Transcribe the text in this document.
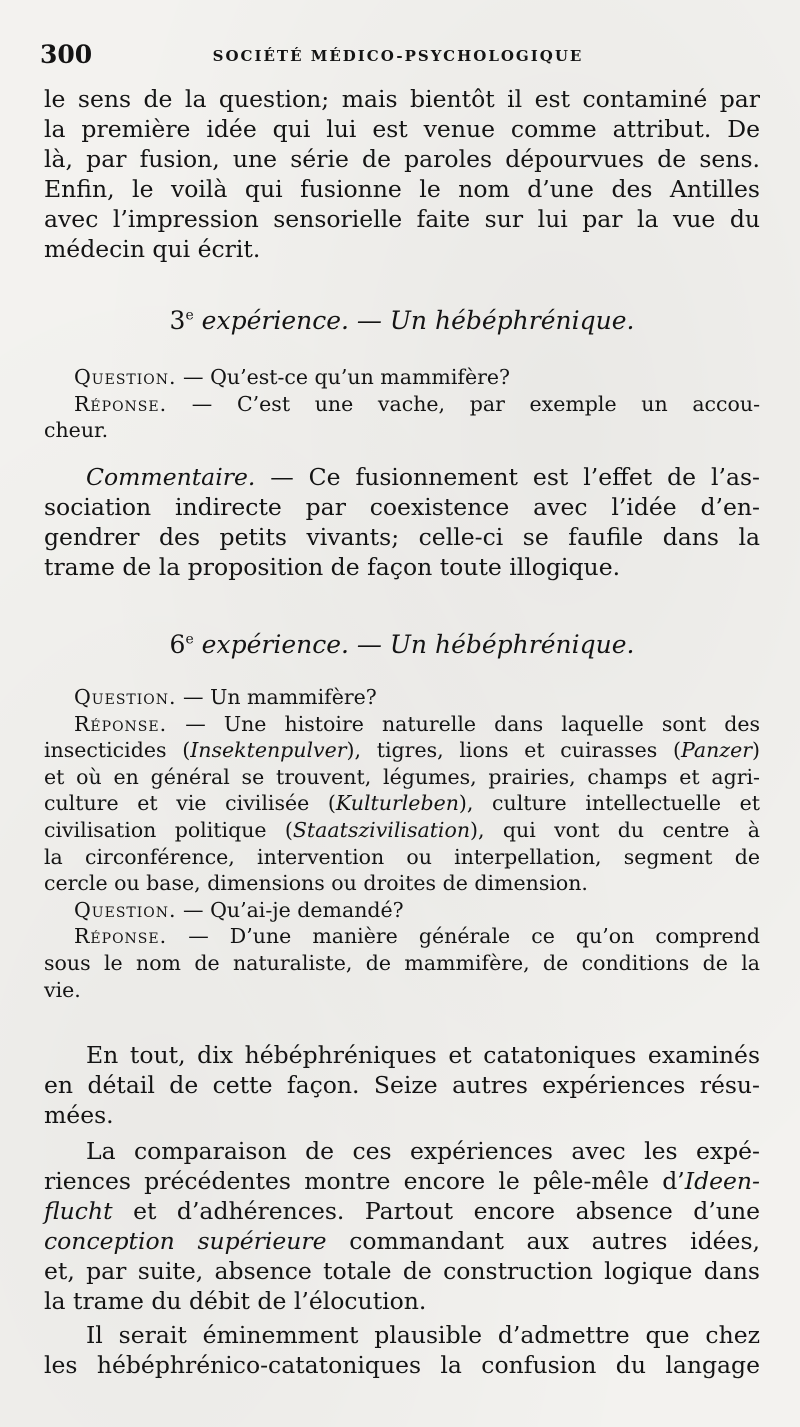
300	SOCIÉTÉ MÉDICO-PSYCHOLOGIQUE
le sens de la question; mais bientôt il est contaminé par
la première idée qui lui est venue comme attribut. De
là, par fusion, une série de paroles dépourvues de sens.
Enfin, le voilà qui fusionne le nom d’une des Antilles
avec l’impression sensorielle faite sur lui par la vue du
médecin qui écrit.
3e expérience. — Un hébéphrénique.
Question. — Qu’est-ce qu’un mammifère?
Réponse. — C’est une vache, par exemple un accou-
cheur.
Commentaire. — Ce fusionnement est l’effet de l’as-
sociation indirecte par coexistence avec l’idée d’en-
gendrer des petits vivants; celle-ci se faufile dans la
trame de la proposition de façon toute illogique.
6e expérience. — Un hébéphrénique.
Question. — Un mammifère?
Réponse. — Une histoire naturelle dans laquelle sont des
insecticides (Insektenpulver), tigres, lions et cuirasses (Panzer)
et où en général se trouvent, légumes, prairies, champs et agri-
culture et vie civilisée (Kulturleben), culture intellectuelle et
civilisation politique (Staatszivilisation), qui vont du centre à
la circonférence, intervention ou interpellation, segment de
cercle ou base, dimensions ou droites de dimension.
Question. — Qu’ai-je demandé?
Réponse. — D’une manière générale ce qu’on comprend
sous le nom de naturaliste, de mammifère, de conditions de la
vie.
En tout, dix hébéphréniques et catatoniques examinés
en détail de cette façon. Seize autres expériences résu-
mées.
La comparaison de ces expériences avec les expé-
riences précédentes montre encore le pêle-mêle d’Ideen-
flucht et d’adhérences. Partout encore absence d’une
conception supérieure commandant aux autres idées,
et, par suite, absence totale de construction logique dans
la trame du débit de l’élocution.
Il serait éminemment plausible d’admettre que chez
les hébéphrénico-catatoniques la confusion du langage
